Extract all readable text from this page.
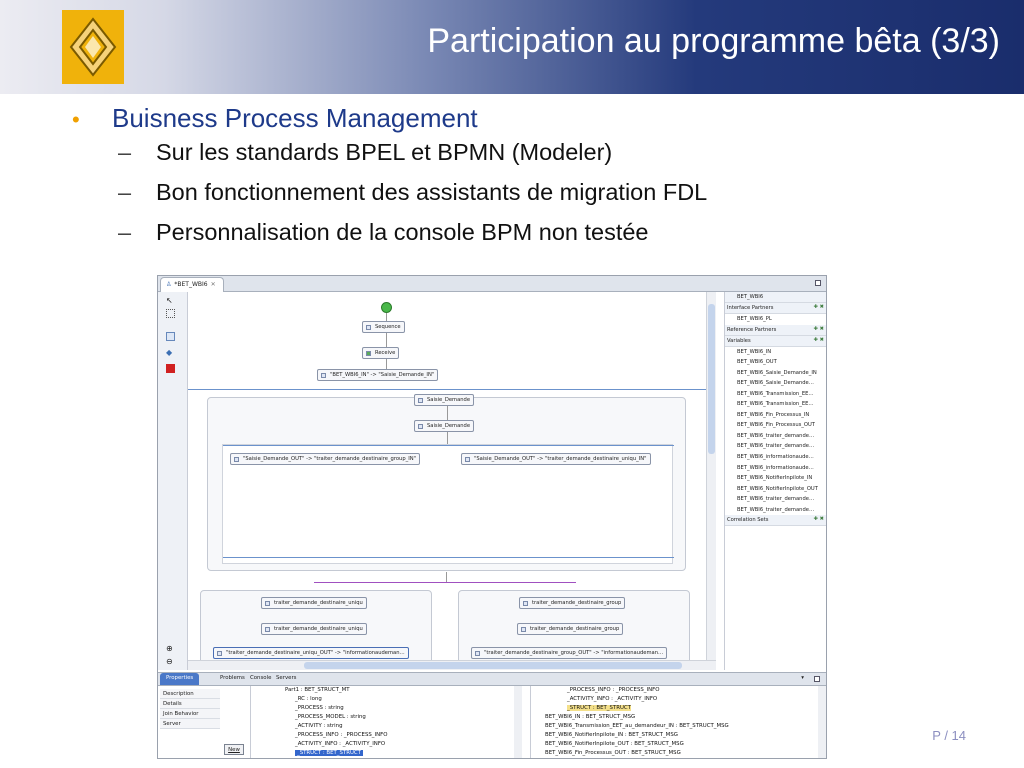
Participation au programme bêta (3/3)
•	Buisness Process Management
–	Sur les standards BPEL et BPMN (Modeler)
–	Bon fonctionnement des assistants de migration FDL
–	Personnalisation de la console BPM non testée
♙ *BET_WBI6 ✕
↖
◆
⊕
⊖
Sequence
Receive
"BET_WBI6_IN" -> "Saisie_Demande_IN"
Saisie_Demande
Saisie_Demande
"Saisie_Demande_OUT" -> "traiter_demande_destinaire_group_IN"	"Saisie_Demande_OUT" -> "traiter_demande_destinaire_uniqu_IN"
traiter_demande_destinaire_uniqu
traiter_demande_destinaire_uniqu
"traiter_demande_destinaire_uniqu_OUT" -> "informationaudeman…
traiter_demande_destinaire_group
traiter_demande_destinaire_group
"traiter_demande_destinaire_group_OUT" -> "informationaudeman…
BET_WBI6
Interface Partners	✚ ✖
BET_WBI6_PL
Reference Partners	✚ ✖
Variables	✚ ✖
BET_WBI6_IN
BET_WBI6_OUT
BET_WBI6_Saisie_Demande_IN
BET_WBI6_Saisie_Demande…
BET_WBI6_Transmission_EE…
BET_WBI6_Transmission_EE…
BET_WBI6_Fin_Processus_IN
BET_WBI6_Fin_Processus_OUT
BET_WBI6_traiter_demande…
BET_WBI6_traiter_demande…
BET_WBI6_informationaude…
BET_WBI6_informationaude…
BET_WBI6_NotifierInpilote_IN
BET_WBI6_NotifierInpilote_OUT
BET_WBI6_traiter_demande…
BET_WBI6_traiter_demande…
Correlation Sets	✚ ✖
Properties	Problems Console Servers	▾
Description
Details
Join Behavior
Server
New
Part1 : BET_STRUCT_MT
_RC : long
_PROCESS : string
_PROCESS_MODEL : string
_ACTIVITY : string
_PROCESS_INFO : _PROCESS_INFO
_ACTIVITY_INFO : _ACTIVITY_INFO
_STRUCT : BET_STRUCT
_PROCESS_INFO : _PROCESS_INFO
_ACTIVITY_INFO : _ACTIVITY_INFO
_STRUCT : BET_STRUCT
BET_WBI6_IN : BET_STRUCT_MSG
BET_WBI6_Transmission_EET_au_demandeur_IN : BET_STRUCT_MSG
BET_WBI6_NotifierInpilote_IN : BET_STRUCT_MSG
BET_WBI6_NotifierInpilote_OUT : BET_STRUCT_MSG
BET_WBI6_Fin_Processus_OUT : BET_STRUCT_MSG
P / 14
